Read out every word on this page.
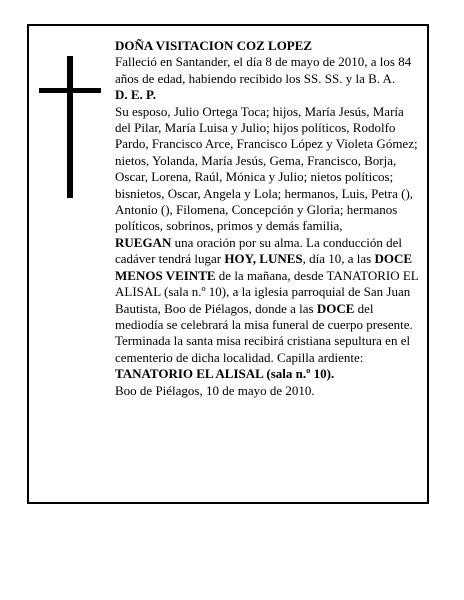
DOÑA VISITACION COZ LOPEZ

Falleció en Santander, el día 8 de mayo de 2010, a los 84 años de edad, habiendo recibido los SS. SS. y la B. A.

D. E. P.

Su esposo, Julio Ortega Toca; hijos, María Jesús, María del Pilar, María Luisa y Julio; hijos políticos, Rodolfo Pardo, Francisco Arce, Francisco López y Violeta Gómez; nietos, Yolanda, María Jesús, Gema, Francisco, Borja, Oscar, Lorena, Raúl, Mónica y Julio; nietos políticos; bisnietos, Oscar, Angela y Lola; hermanos, Luis, Petra (), Antonio (), Filomena, Concepción y Gloria; hermanos políticos, sobrinos, primos y demás familia,

RUEGAN una oración por su alma. La conducción del cadáver tendrá lugar HOY, LUNES, día 10, a las DOCE MENOS VEINTE de la mañana, desde TANATORIO EL ALISAL (sala n.º 10), a la iglesia parroquial de San Juan Bautista, Boo de Piélagos, donde a las DOCE del mediodía se celebrará la misa funeral de cuerpo presente. Terminada la santa misa recibirá cristiana sepultura en el cementerio de dicha localidad. Capilla ardiente: TANATORIO EL ALISAL (sala n.º 10).

Boo de Piélagos, 10 de mayo de 2010.
